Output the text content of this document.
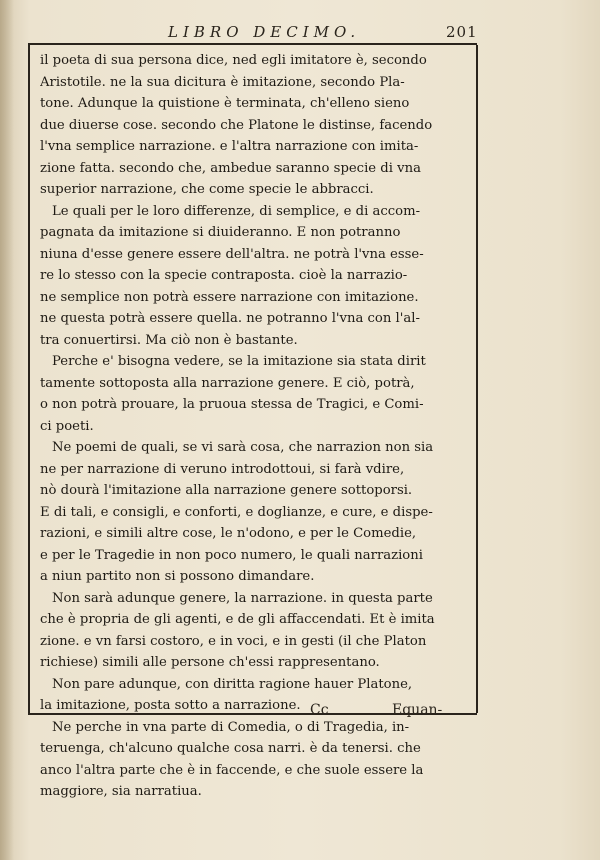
LIBRO DECIMO.	201
il poeta di sua persona dice, ned egli imitatore è, secondo
Aristotile. ne la sua dicitura è imitazione, secondo Pla-
tone. Adunque la quistione è terminata, ch'elleno sieno
due diuerse cose. secondo che Platone le distinse, facendo
l'vna semplice narrazione. e l'altra narrazione con imita-
zione fatta. secondo che, ambedue saranno specie di vna
superior narrazione, che come specie le abbracci.
Le quali per le loro differenze, di semplice, e di accom-
pagnata da imitazione si diuideranno. E non potranno
niuna d'esse genere essere dell'altra. ne potrà l'vna esse-
re lo stesso con la specie contraposta. cioè la narrazio-
ne semplice non potrà essere narrazione con imitazione.
ne questa potrà essere quella. ne potranno l'vna con l'al-
tra conuertirsi. Ma ciò non è bastante.
Perche e' bisogna vedere, se la imitazione sia stata dirit
tamente sottoposta alla narrazione genere. E ciò, potrà,
o non potrà prouare, la pruoua stessa de Tragici, e Comi-
ci poeti.
Ne poemi de quali, se vi sarà cosa, che narrazion non sia
ne per narrazione di veruno introdottoui, si farà vdire,
nò dourà l'imitazione alla narrazione genere sottoporsi.
E di tali, e consigli, e conforti, e doglianze, e cure, e dispe-
razioni, e simili altre cose, le n'odono, e per le Comedie,
e per le Tragedie in non poco numero, le quali narrazioni
a niun partito non si possono dimandare.
Non sarà adunque genere, la narrazione. in questa parte
che è propria de gli agenti, e de gli affaccendati. Et è imita
zione. e vn farsi costoro, e in voci, e in gesti (il che Platon
richiese) simili alle persone ch'essi rappresentano.
Non pare adunque, con diritta ragione hauer Platone,
la imitazione, posta sotto a narrazione.
Ne perche in vna parte di Comedia, o di Tragedia, in-
teruenga, ch'alcuno qualche cosa narri. è da tenersi. che
anco l'altra parte che è in faccende, e che suole essere la
maggiore, sia narratiua.
Cc	Equan-
